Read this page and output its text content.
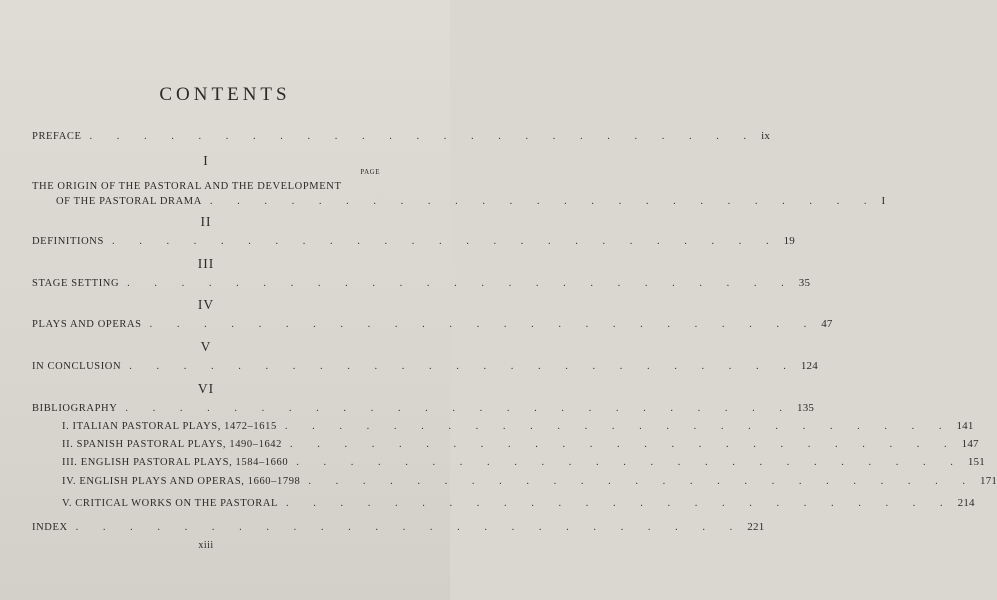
CONTENTS
PREFACE . . . . . . . . . . . . . . . . . . . . . . . . . ix
I
PAGE
THE ORIGIN OF THE PASTORAL AND THE DEVELOPMENT
OF THE PASTORAL DRAMA . . . . . . . . . . . . . . . . . . . . . . . . . I
II
DEFINITIONS . . . . . . . . . . . . . . . . . . . . . . . . . 19
III
STAGE SETTING . . . . . . . . . . . . . . . . . . . . . . . . . 35
IV
PLAYS AND OPERAS . . . . . . . . . . . . . . . . . . . . . . . . . 47
V
IN CONCLUSION . . . . . . . . . . . . . . . . . . . . . . . . . 124
VI
BIBLIOGRAPHY . . . . . . . . . . . . . . . . . . . . . . . . . 135
I. ITALIAN PASTORAL PLAYS, 1472–1615 . . . . . . . . . . . . . . . . . . . . . . . . . 141
II. SPANISH PASTORAL PLAYS, 1490–1642 . . . . . . . . . . . . . . . . . . . . . . . . . 147
III. ENGLISH PASTORAL PLAYS, 1584–1660 . . . . . . . . . . . . . . . . . . . . . . . . . 151
IV. ENGLISH PLAYS AND OPERAS, 1660–1798 . . . . . . . . . . . . . . . . . . . . . . . . . 171
V. CRITICAL WORKS ON THE PASTORAL . . . . . . . . . . . . . . . . . . . . . . . . . 214
INDEX . . . . . . . . . . . . . . . . . . . . . . . . . 221
xiii
